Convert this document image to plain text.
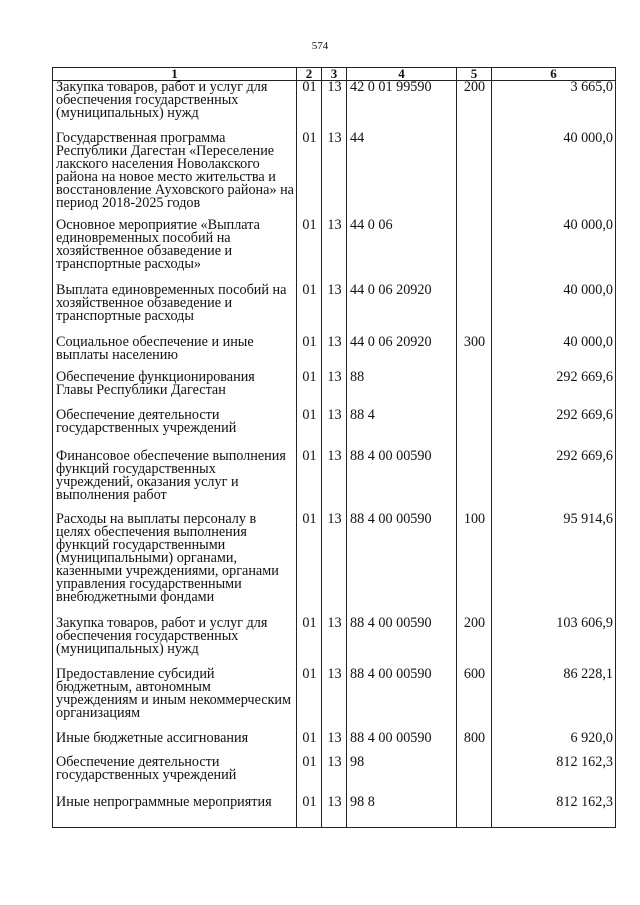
574
1	2	3	4	5	6
Закупка товаров, работ и услуг для обеспечения государственных (муниципальных) нужд	01	13	42 0 01 99590	200	3 665,0
Государственная программа Республики Дагестан «Переселение лакского населения Новолакского района на новое место жительства и восстановление Ауховского района» на период 2018-2025 годов	01	13	44		40 000,0
Основное мероприятие «Выплата единовременных пособий на хозяйственное обзаведение и транспортные расходы»	01	13	44 0 06		40 000,0
Выплата единовременных пособий на хозяйственное обзаведение и транспортные расходы	01	13	44 0 06 20920		40 000,0
Социальное обеспечение и иные выплаты населению	01	13	44 0 06 20920	300	40 000,0
Обеспечение функционирования Главы Республики Дагестан	01	13	88		292 669,6
Обеспечение деятельности государственных учреждений	01	13	88 4		292 669,6
Финансовое обеспечение выполнения функций государственных учреждений, оказания услуг и выполнения работ	01	13	88 4 00 00590		292 669,6
Расходы на выплаты персоналу в целях обеспечения выполнения функций государственными (муниципальными) органами, казенными учреждениями, органами управления государственными внебюджетными фондами	01	13	88 4 00 00590	100	95 914,6
Закупка товаров, работ и услуг для обеспечения государственных (муниципальных) нужд	01	13	88 4 00 00590	200	103 606,9
Предоставление субсидий бюджетным, автономным учреждениям и иным некоммерческим организациям	01	13	88 4 00 00590	600	86 228,1
Иные бюджетные ассигнования	01	13	88 4 00 00590	800	6 920,0
Обеспечение деятельности государственных учреждений	01	13	98		812 162,3
Иные непрограммные мероприятия	01	13	98 8		812 162,3
